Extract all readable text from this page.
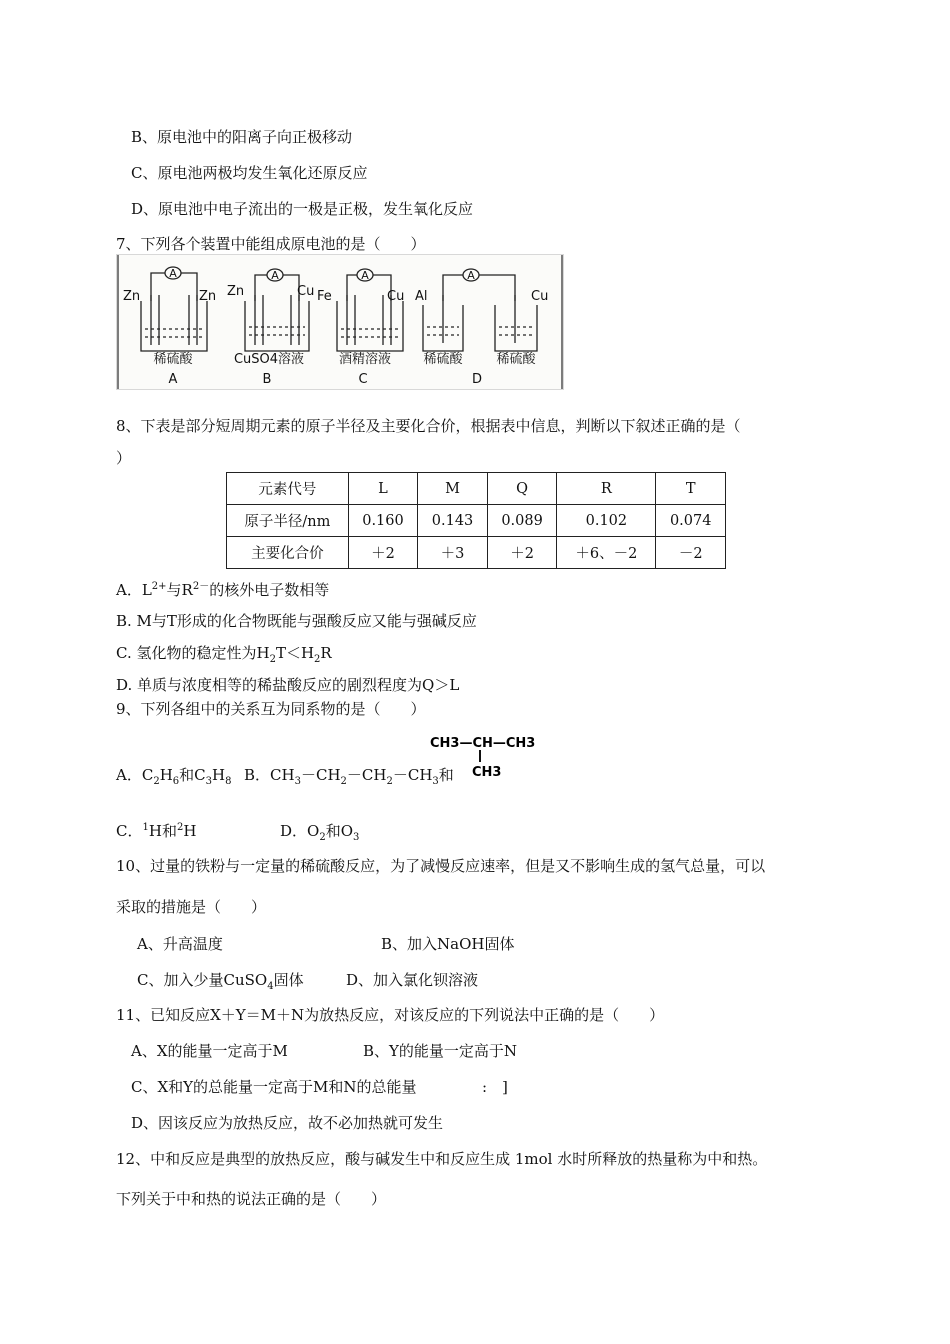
B、原电池中的阳离子向正极移动
C、原电池两极均发生氧化还原反应
D、原电池中电子流出的一极是正极，发生氧化反应
7、下列各个装置中能组成原电池的是（　　）
A	A	A	A
Zn	Zn Zn	Cu Fe	Cu Al	Cu
稀硫酸	CuSO4溶液	酒精溶液 稀硫酸	稀硫酸
A	B	C	D
8、下表是部分短周期元素的原子半径及主要化合价，根据表中信息，判断以下叙述正确的是（
）
元素代号	L	M	Q	R	T
原子半径/nm	0.160	0.143	0.089	0.102	0.074
主要化合价	＋2	＋3	＋2	＋6、－2	－2
A．$L^{2+}$与$R^{2-}$的核外电子数相等
B. M与T形成的化合物既能与强酸反应又能与强碱反应
C. 氢化物的稳定性为$H_2T<H_2R$
D. 单质与浓度相等的稀盐酸反应的剧烈程度为Q＞L
9、下列各组中的关系互为同系物的是（　　）
CH3—CH—CH3
CH3
A．$C_2H_6$和$C_3H_8$ B．$CH_3-CH_2-CH_2-CH_3$和
C．$^1$H和$^2$H	D．$O_2$和$O_3$
10、过量的铁粉与一定量的稀硫酸反应，为了减慢反应速率，但是又不影响生成的氢气总量，可以
采取的措施是（　　）
A、升高温度	B、加入NaOH固体
C、加入少量CuSO$_4$固体	D、加入氯化钡溶液
11、已知反应X＋Y＝M＋N为放热反应，对该反应的下列说法中正确的是（　　）
A、X的能量一定高于M	B、Y的能量一定高于N
C、X和Y的总能量一定高于M和N的总能量	:　]
D、因该反应为放热反应，故不必加热就可发生
12、中和反应是典型的放热反应，酸与碱发生中和反应生成 1mol 水时所释放的热量称为中和热。
下列关于中和热的说法正确的是（　　）
